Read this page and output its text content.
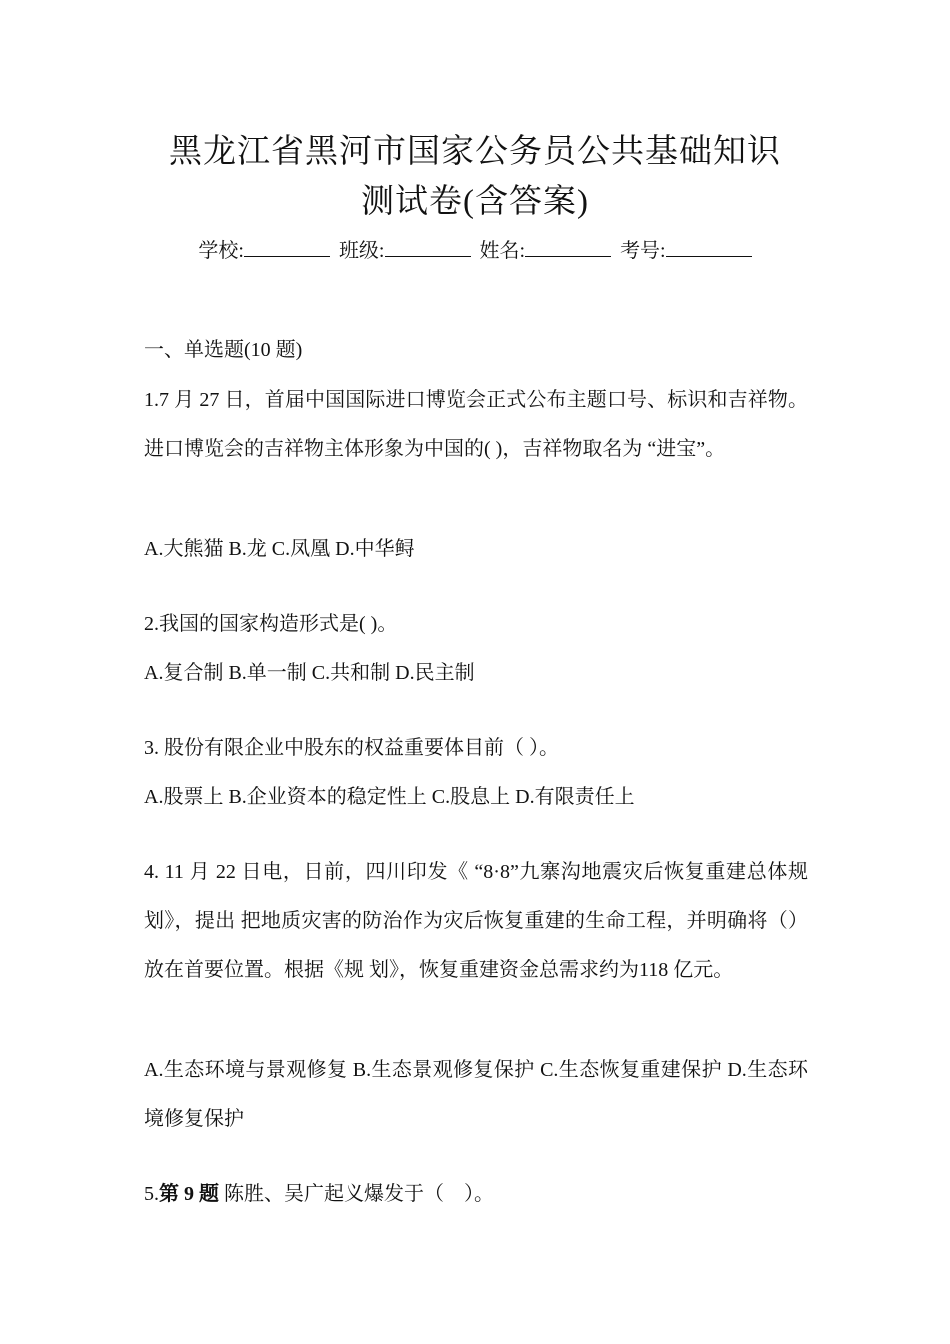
黑龙江省黑河市国家公务员公共基础知识
测试卷(含答案)
学校:	班级:	姓名:	考号:
一、单选题(10 题)
1.7 月 27 日，首届中国国际进口博览会正式公布主题口号、标识和吉祥物。进口博览会的吉祥物主体形象为中国的( )，吉祥物取名为 “进宝”。
A.大熊猫 B.龙 C.凤凰 D.中华鲟
2.我国的国家构造形式是( )。
A.复合制 B.单一制 C.共和制 D.民主制
3. 股份有限企业中股东的权益重要体目前（ ）。
A.股票上 B.企业资本的稳定性上 C.股息上 D.有限责任上
4. 11 月 22 日电，日前，四川印发《 “8·8”九寨沟地震灾后恢复重建总体规划》，提出 把地质灾害的防治作为灾后恢复重建的生命工程，并明确将（）放在首要位置。根据《规 划》，恢复重建资金总需求约为118 亿元。
A.生态环境与景观修复 B.生态景观修复保护 C.生态恢复重建保护 D.生态环境修复保护
5.第 9 题 陈胜、吴广起义爆发于（　）。
